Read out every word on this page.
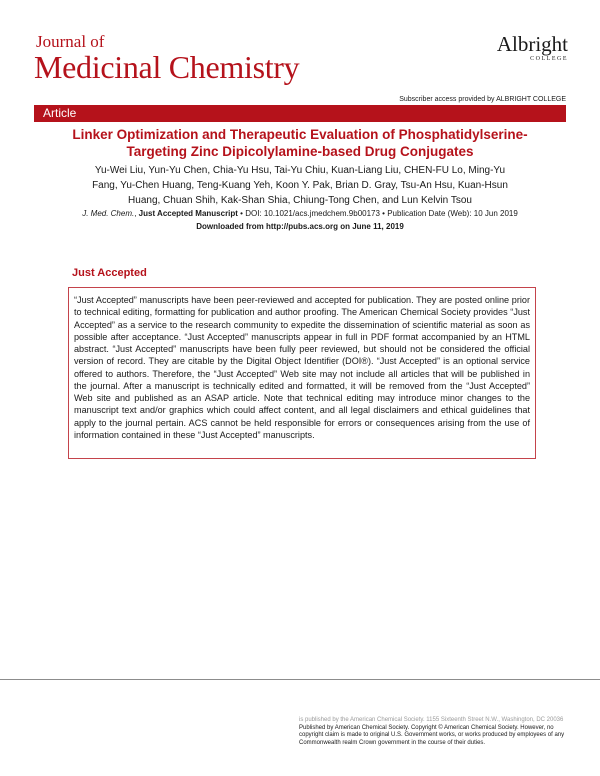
Journal of
Medicinal Chemistry
Albright
COLLEGE
Subscriber access provided by ALBRIGHT COLLEGE
Article
Linker Optimization and Therapeutic Evaluation of Phosphatidylserine-Targeting Zinc Dipicolylamine-based Drug Conjugates
Yu-Wei Liu, Yun-Yu Chen, Chia-Yu Hsu, Tai-Yu Chiu, Kuan-Liang Liu, CHEN-FU Lo, Ming-Yu Fang, Yu-Chen Huang, Teng-Kuang Yeh, Koon Y. Pak, Brian D. Gray, Tsu-An Hsu, Kuan-Hsun Huang, Chuan Shih, Kak-Shan Shia, Chiung-Tong Chen, and Lun Kelvin Tsou
J. Med. Chem., Just Accepted Manuscript • DOI: 10.1021/acs.jmedchem.9b00173 • Publication Date (Web): 10 Jun 2019
Downloaded from http://pubs.acs.org on June 11, 2019
Just Accepted
“Just Accepted” manuscripts have been peer-reviewed and accepted for publication. They are posted online prior to technical editing, formatting for publication and author proofing. The American Chemical Society provides “Just Accepted” as a service to the research community to expedite the dissemination of scientific material as soon as possible after acceptance. “Just Accepted” manuscripts appear in full in PDF format accompanied by an HTML abstract. “Just Accepted” manuscripts have been fully peer reviewed, but should not be considered the official version of record. They are citable by the Digital Object Identifier (DOI®). “Just Accepted” is an optional service offered to authors. Therefore, the “Just Accepted” Web site may not include all articles that will be published in the journal. After a manuscript is technically edited and formatted, it will be removed from the “Just Accepted” Web site and published as an ASAP article. Note that technical editing may introduce minor changes to the manuscript text and/or graphics which could affect content, and all legal disclaimers and ethical guidelines that apply to the journal pertain. ACS cannot be held responsible for errors or consequences arising from the use of information contained in these “Just Accepted” manuscripts.
is published by the American Chemical Society. 1155 Sixteenth Street N.W., Washington, DC 20036
Published by American Chemical Society. Copyright © American Chemical Society. However, no copyright claim is made to original U.S. Government works, or works produced by employees of any Commonwealth realm Crown government in the course of their duties.
